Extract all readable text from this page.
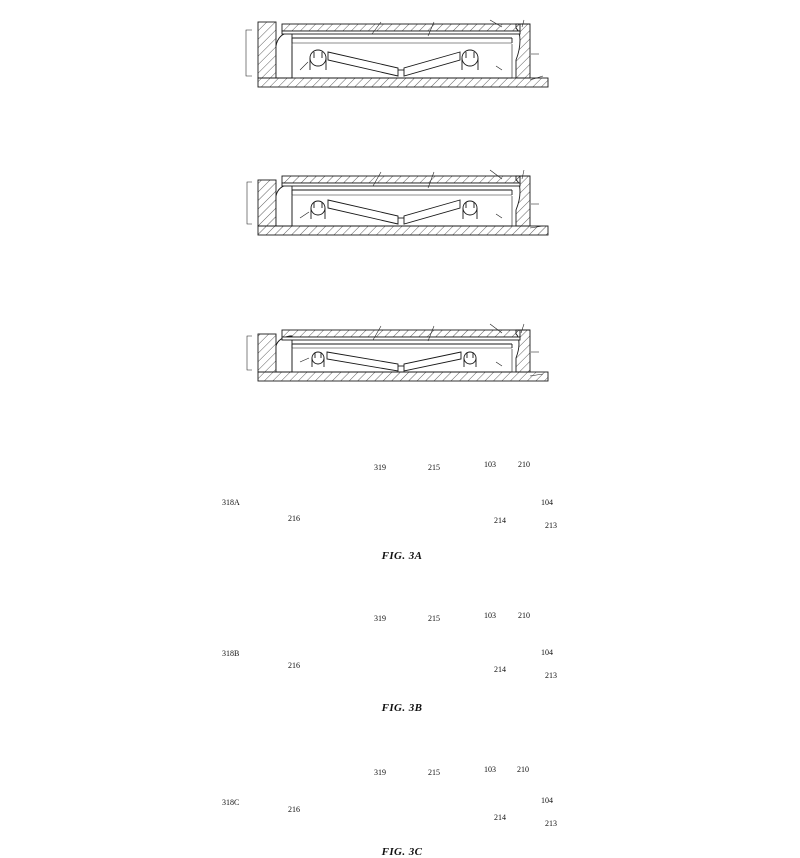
319	215	103	210
104
213
216	214
318A
FIG. 3A
319	215	103	210
104
213
216	214
318B
FIG. 3B
319	215	103	210
104
213
216
214
318C
FIG. 3C
